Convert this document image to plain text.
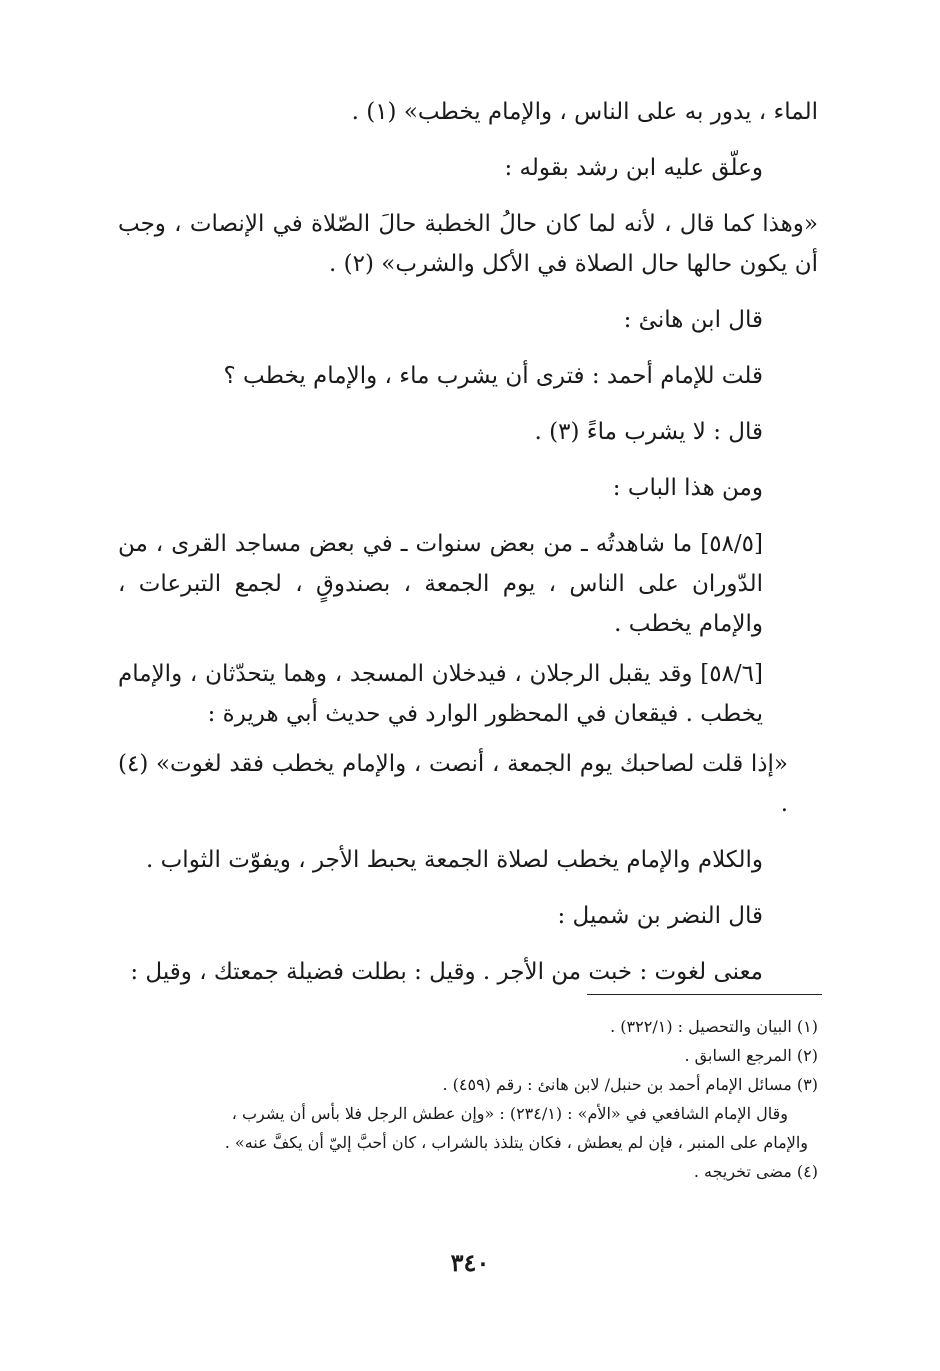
الماء ، يدور به على الناس ، والإمام يخطب» (١) .

وعلّق عليه ابن رشد بقوله :

«وهذا كما قال ، لأنه لما كان حالُ الخطبة حالَ الصّلاة في الإنصات ، وجب أن يكون حالها حال الصلاة في الأكل والشرب» (٢) .

قال ابن هانئ :

قلت للإمام أحمد : فترى أن يشرب ماء ، والإمام يخطب ؟

قال : لا يشرب ماءً (٣) .

ومن هذا الباب :

[٥٨/٥] ما شاهدتُه ـ من بعض سنوات ـ في بعض مساجد القرى ، من الدّوران على الناس ، يوم الجمعة ، بصندوقٍ ، لجمع التبرعات ، والإمام يخطب .

[٥٨/٦] وقد يقبل الرجلان ، فيدخلان المسجد ، وهما يتحدّثان ، والإمام يخطب . فيقعان في المحظور الوارد في حديث أبي هريرة :

«إذا قلت لصاحبك يوم الجمعة ، أنصت ، والإمام يخطب فقد لغوت» (٤) .

والكلام والإمام يخطب لصلاة الجمعة يحبط الأجر ، ويفوّت الثواب .

قال النضر بن شميل :

معنى لغوت : خبت من الأجر . وقيل : بطلت فضيلة جمعتك ، وقيل :

(١) البيان والتحصيل : (٣٢٢/١) .

(٢) المرجع السابق .

(٣) مسائل الإمام أحمد بن حنبل/ لابن هانئ : رقم (٤٥٩) .

وقال الإمام الشافعي في «الأم» : (٢٣٤/١) : «وإن عطش الرجل فلا بأس أن يشرب ،

والإمام على المنبر ، فإن لم يعطش ، فكان يتلذذ بالشراب ، كان أحبَّ إليّ أن يكفَّ عنه» .

(٤) مضى تخريجه .

٣٤٠
